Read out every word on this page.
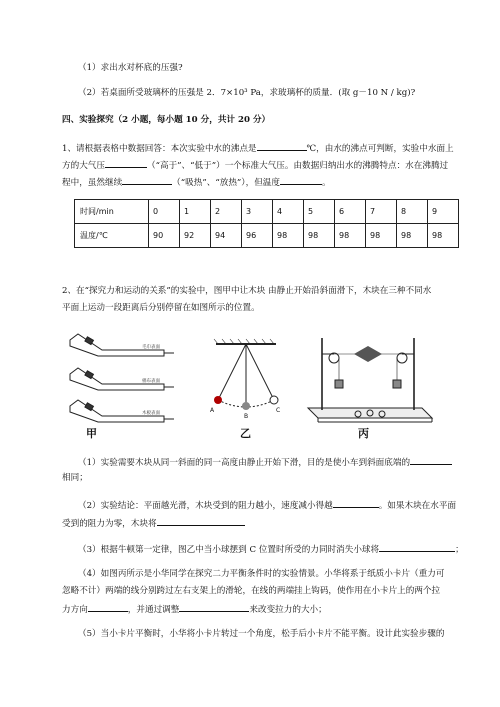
（1）求出水对杯底的压强?
（2）若桌面所受玻璃杯的压强是 2．7×10³ Pa，求玻璃杯的质量．(取 g－10 N / kg)?
四、实验探究（2 小题，每小题 10 分，共计 20 分）
1、请根据表格中数据回答：本次实验中水的沸点是	℃，由水的沸点可判断，实验中水面上
方的大气压	（“高于”、“低于”）一个标准大气压。由数据归纳出水的沸腾特点：水在沸腾过
程中，虽然继续	（“吸热”、“放热”），但温度	。
时间/min	0	1	2	3	4	5	6	7	8	9
温度/℃	90	92	94	96	98	98	98	98	98	98
2、在“探究力和运动的关系”的实验中，图甲中让木块 由静止开始沿斜面滑下，木块在三种不同水
平面上运动一段距离后分别停留在如图所示的位置。
毛巾表面
棉布表面
木板表面
甲
A
B
C
乙	丙
（1）实验需要木块从同一斜面的同一高度由静止开始下滑，目的是使小车到斜面底端的
相同；
（2）实验结论：平面越光滑，木块受到的阻力越小，速度减小得越	。如果木块在水平面
受到的阻力为零，木块将
（3）根据牛顿第一定律，图乙中当小球摆到 C 位置时所受的力同时消失小球将	；
（4）如图丙所示是小华同学在探究二力平衡条件时的实验情景。小华将系于纸质小卡片（重力可
忽略不计）两端的线分别跨过左右支架上的滑轮，在线的两端挂上钩码，使作用在小卡片上的两个拉
力方向	，并通过调整	来改变拉力的大小；
（5）当小卡片平衡时，小华将小卡片转过一个角度，松手后小卡片不能平衡。设计此实验步骤的
